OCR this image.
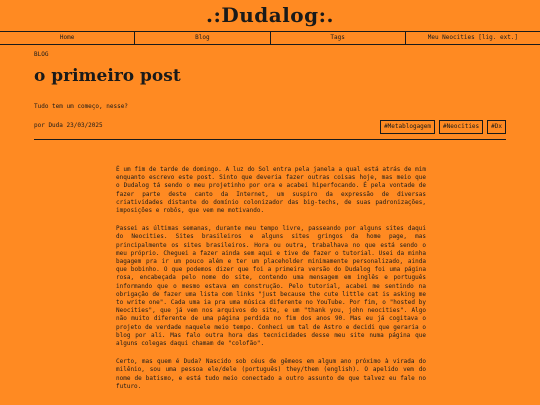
.:Dudalog:.
Home	Blog	Tags	Meu Neocities [lig. ext.]
BLOG
o primeiro post
Tudo tem um começo, nesse?
por Duda 23/03/2025	#Metablogagem	#Neocities	#Dx

É um fim de tarde de domingo. A luz do Sol entra pela janela a qual está atrás de mim enquanto escrevo este post. Sinto que deveria fazer outras coisas hoje, mas meio que o Dudalog tá sendo o meu projetinho por ora e acabei hiperfocando. É pela vontade de fazer parte deste canto da Internet, um suspiro da expressão de diversas criatividades distante do domínio colonizador das big-techs, de suas padronizações, imposições e robôs, que vem me motivando.

Passei as últimas semanas, durante meu tempo livre, passeando por alguns sites daqui do Neocities. Sites brasileiros e alguns sites gringos da home page, mas principalmente os sites brasileiros. Hora ou outra, trabalhava no que está sendo o meu próprio. Cheguei a fazer ainda sem aqui e tive de fazer o tutorial. Usei da minha bagagem pra ir um pouco além e ter um placeholder minimamente personalizado, ainda que bobinho. O que podemos dizer que foi a primeira versão do Dudalog foi uma página rosa, encabeçada pelo nome do site, contendo uma mensagem em inglês e português informando que o mesmo estava em construção. Pelo tutorial, acabei me sentindo na obrigação de fazer uma lista com links "just because the cute little cat is asking me to write one". Cada uma ia pra uma música diferente no YouTube. Por fim, o "hosted by Neocities", que já vem nos arquivos do site, e um "thank you, john neocities". Algo não muito diferente de uma página perdida no fim dos anos 90. Mas eu já cogitava o projeto de verdade naquele meio tempo. Conheci um tal de Astro e decidi que geraria o blog por ali. Mas falo outra hora das tecnicidades desse meu site numa página que alguns colegas daqui chamam de "colofão".

Certo, mas quem é Duda? Nascido sob céus de gêmeos em algum ano próximo à virada do milênio, sou uma pessoa ele/dele (português) they/them (english). O apelido vem do nome de batismo, e está tudo meio conectado a outro assunto de que talvez eu fale no futuro.
